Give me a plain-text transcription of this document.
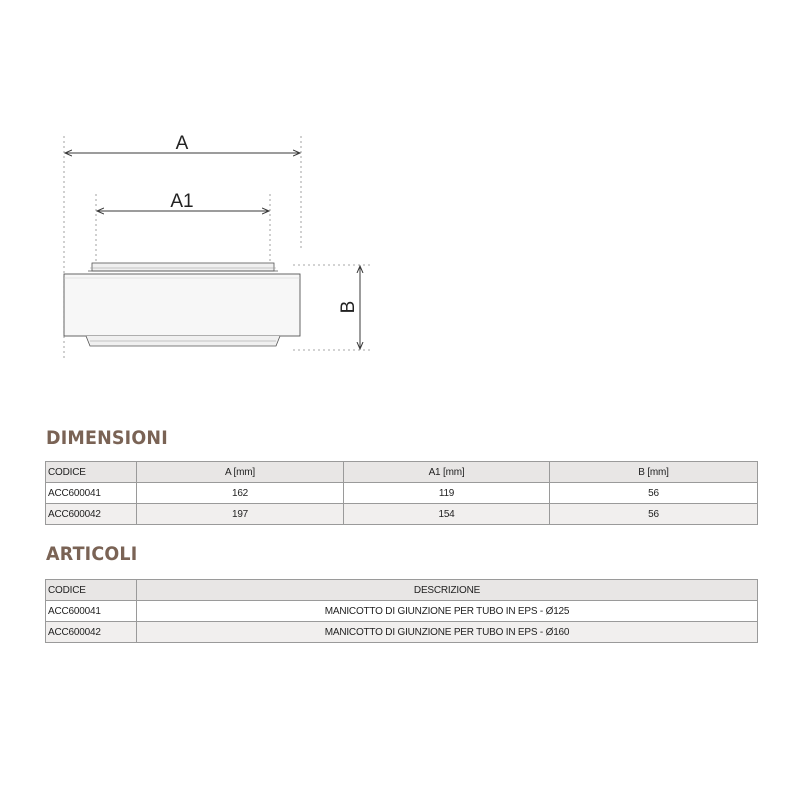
A
A1
B
DIMENSIONI
CODICE	A [mm]	A1 [mm]	B [mm]
ACC600041	162	119	56
ACC600042	197	154	56
ARTICOLI
CODICE	DESCRIZIONE
ACC600041	MANICOTTO DI GIUNZIONE PER TUBO IN EPS - Ø125
ACC600042	MANICOTTO DI GIUNZIONE PER TUBO IN EPS - Ø160
